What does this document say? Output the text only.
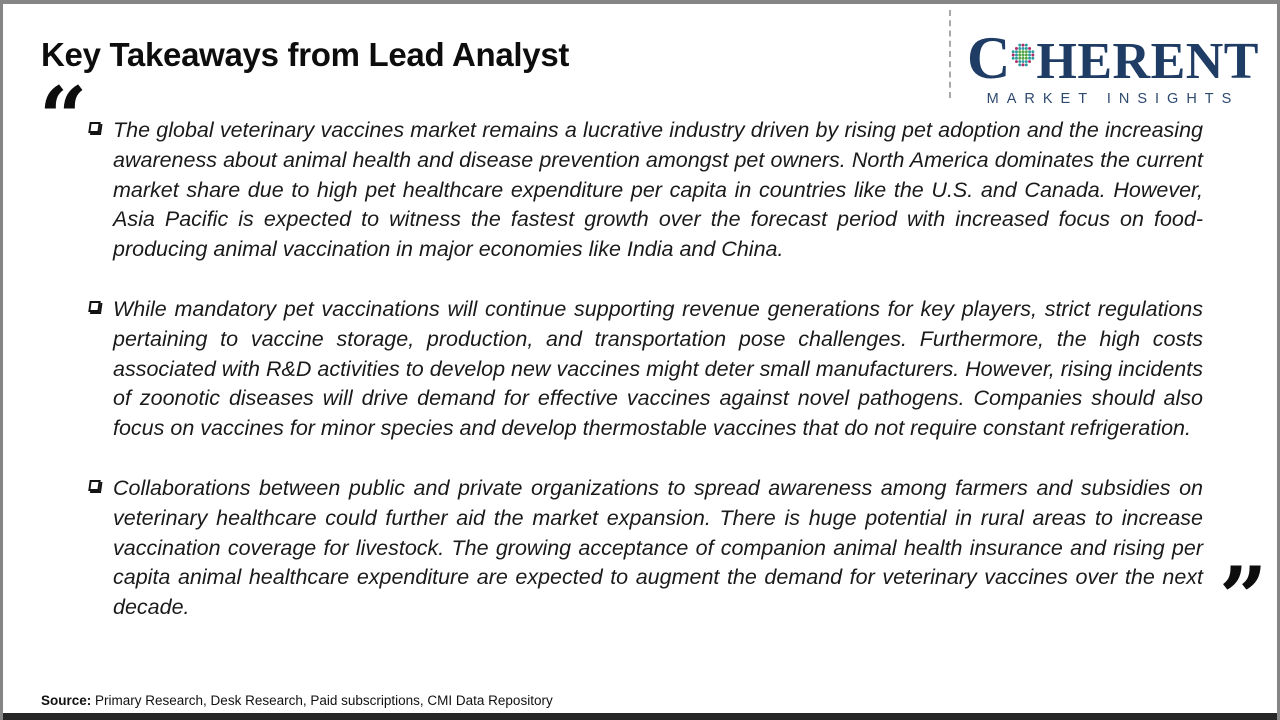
Key Takeaways from Lead Analyst	C HERENT
MARKET INSIGHTS
“
”

The global veterinary vaccines market remains a lucrative industry driven by rising pet adoption and the increasing awareness about animal health and disease prevention amongst pet owners. North America dominates the current market share due to high pet healthcare expenditure per capita in countries like the U.S. and Canada. However, Asia Pacific is expected to witness the fastest growth over the forecast period with increased focus on food-producing animal vaccination in major economies like India and China.

While mandatory pet vaccinations will continue supporting revenue generations for key players, strict regulations pertaining to vaccine storage, production, and transportation pose challenges. Furthermore, the high costs associated with R&D activities to develop new vaccines might deter small manufacturers. However, rising incidents of zoonotic diseases will drive demand for effective vaccines against novel pathogens. Companies should also focus on vaccines for minor species and develop thermostable vaccines that do not require constant refrigeration.

Collaborations between public and private organizations to spread awareness among farmers and subsidies on veterinary healthcare could further aid the market expansion. There is huge potential in rural areas to increase vaccination coverage for livestock. The growing acceptance of companion animal health insurance and rising per capita animal healthcare expenditure are expected to augment the demand for veterinary vaccines over the next decade.

Source: Primary Research, Desk Research, Paid subscriptions, CMI Data Repository
